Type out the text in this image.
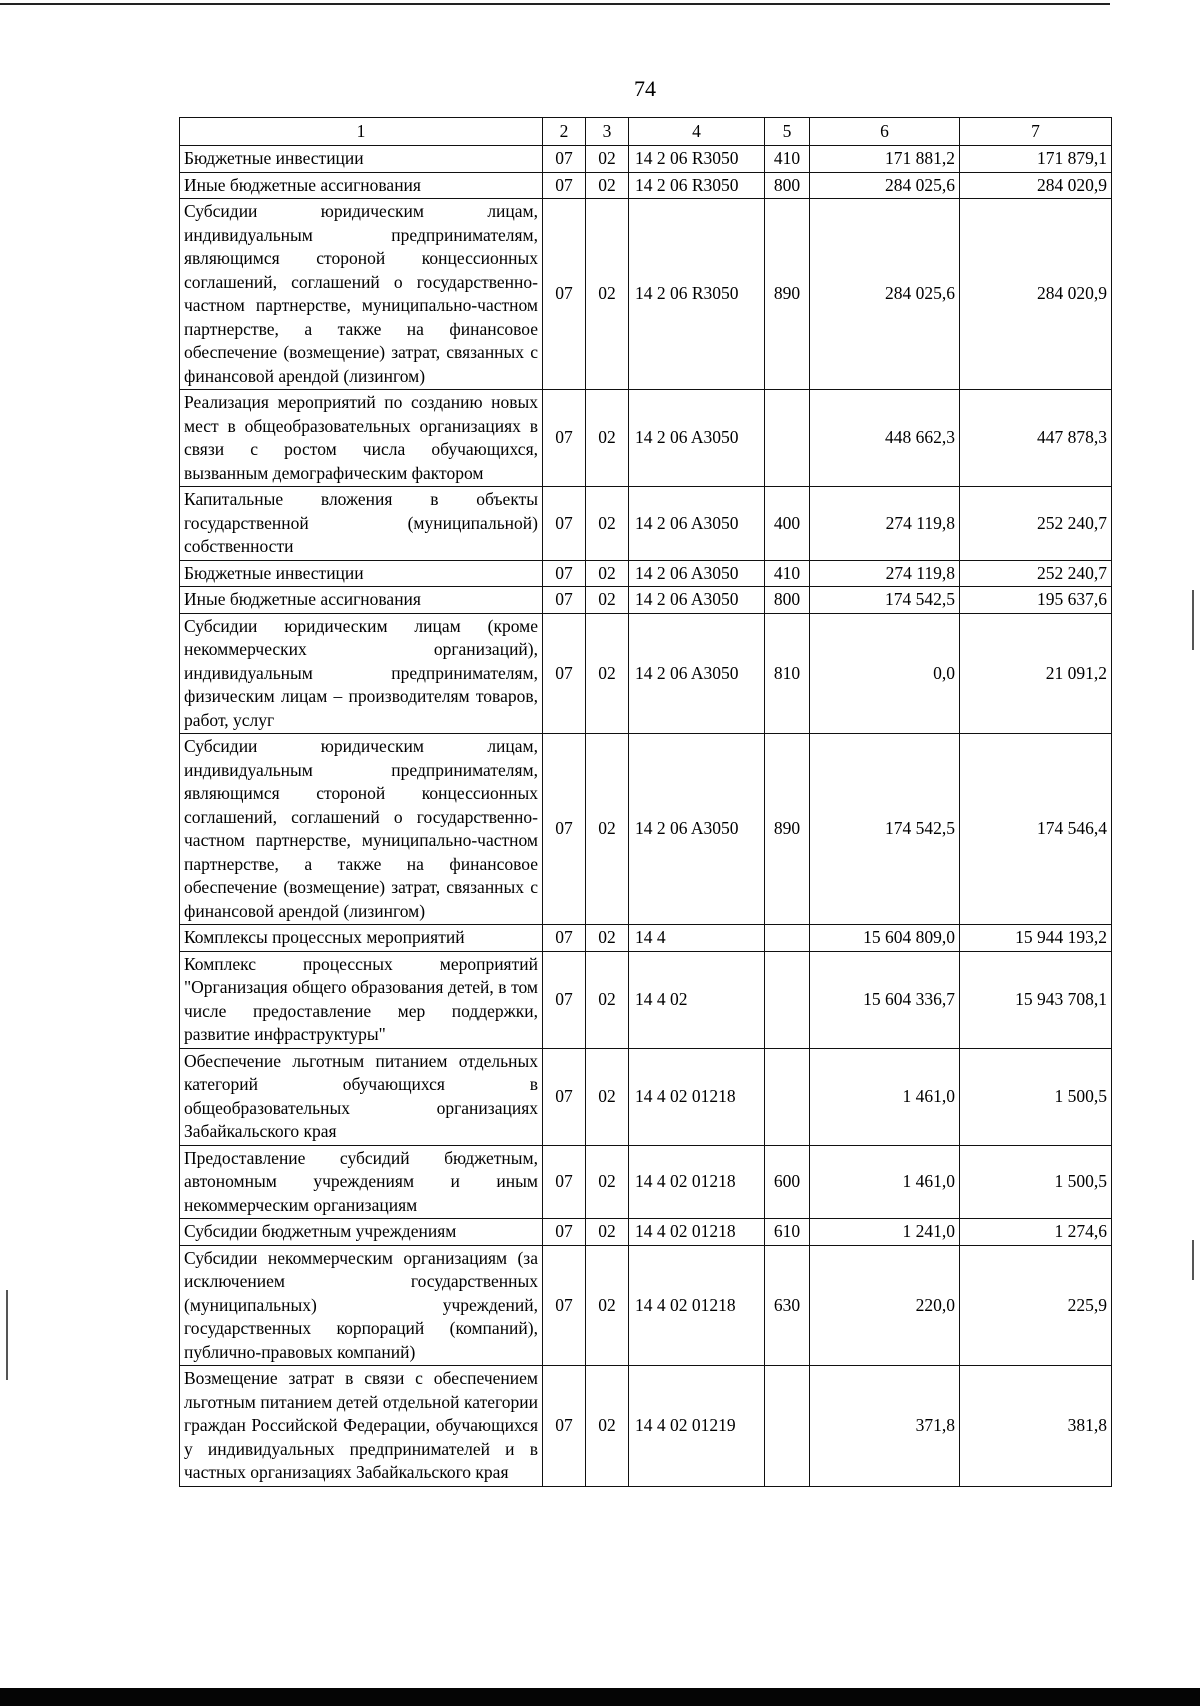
74
1	2	3	4	5	6	7
Бюджетные инвестиции	07	02	14 2 06 R3050	410	171 881,2	171 879,1
Иные бюджетные ассигнования	07	02	14 2 06 R3050	800	284 025,6	284 020,9
Субсидии юридическим лицам, индивидуальным предпринимателям, являющимся стороной концессионных соглашений, соглашений о государственно-частном партнерстве, муниципально-частном партнерстве, а также на финансовое обеспечение (возмещение) затрат, связанных с финансовой арендой (лизингом)	07	02	14 2 06 R3050	890	284 025,6	284 020,9
Реализация мероприятий по созданию новых мест в общеобразовательных организациях в связи с ростом числа обучающихся, вызванным демографическим фактором	07	02	14 2 06 A3050		448 662,3	447 878,3
Капитальные вложения в объекты государственной (муниципальной) собственности	07	02	14 2 06 A3050	400	274 119,8	252 240,7
Бюджетные инвестиции	07	02	14 2 06 A3050	410	274 119,8	252 240,7
Иные бюджетные ассигнования	07	02	14 2 06 A3050	800	174 542,5	195 637,6
Субсидии юридическим лицам (кроме некоммерческих организаций), индивидуальным предпринимателям, физическим лицам – производителям товаров, работ, услуг	07	02	14 2 06 A3050	810	0,0	21 091,2
Субсидии юридическим лицам, индивидуальным предпринимателям, являющимся стороной концессионных соглашений, соглашений о государственно-частном партнерстве, муниципально-частном партнерстве, а также на финансовое обеспечение (возмещение) затрат, связанных с финансовой арендой (лизингом)	07	02	14 2 06 A3050	890	174 542,5	174 546,4
Комплексы процессных мероприятий	07	02	14 4		15 604 809,0	15 944 193,2
Комплекс процессных мероприятий "Организация общего образования детей, в том числе предоставление мер поддержки, развитие инфраструктуры"	07	02	14 4 02		15 604 336,7	15 943 708,1
Обеспечение льготным питанием отдельных категорий обучающихся в общеобразовательных организациях Забайкальского края	07	02	14 4 02 01218		1 461,0	1 500,5
Предоставление субсидий бюджетным, автономным учреждениям и иным некоммерческим организациям	07	02	14 4 02 01218	600	1 461,0	1 500,5
Субсидии бюджетным учреждениям	07	02	14 4 02 01218	610	1 241,0	1 274,6
Субсидии некоммерческим организациям (за исключением государственных (муниципальных) учреждений, государственных корпораций (компаний), публично-правовых компаний)	07	02	14 4 02 01218	630	220,0	225,9
Возмещение затрат в связи с обеспечением льготным питанием детей отдельной категории граждан Российской Федерации, обучающихся у индивидуальных предпринимателей и в частных организациях Забайкальского края	07	02	14 4 02 01219		371,8	381,8
